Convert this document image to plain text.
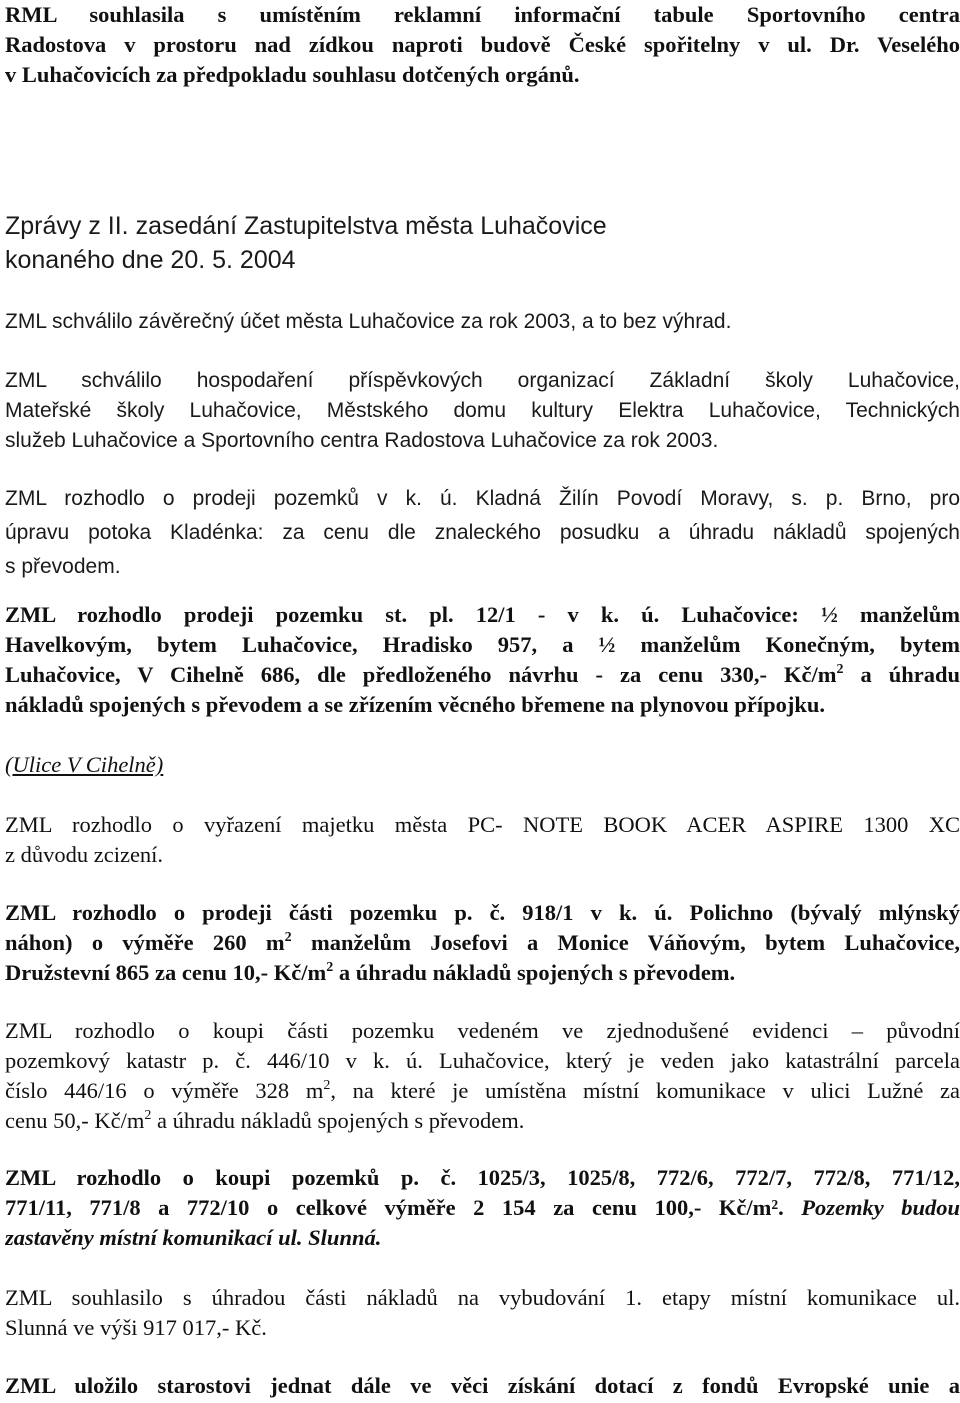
RML souhlasila s umístěním reklamní informační tabule Sportovního centra
Radostova v prostoru nad zídkou naproti budově České spořitelny v ul. Dr. Veselého
v Luhačovicích za předpokladu souhlasu dotčených orgánů.
Zprávy z II. zasedání Zastupitelstva města Luhačovice
konaného dne 20. 5. 2004
ZML schválilo závěrečný účet města Luhačovice za rok 2003, a to bez výhrad.
ZML schválilo hospodaření příspěvkových organizací Základní školy Luhačovice,
Mateřské školy Luhačovice, Městského domu kultury Elektra Luhačovice, Technických
služeb Luhačovice a Sportovního centra Radostova Luhačovice za rok 2003.
ZML rozhodlo o prodeji pozemků v k. ú. Kladná Žilín Povodí Moravy, s. p. Brno, pro
úpravu potoka Kladénka: za cenu dle znaleckého posudku a úhradu nákladů spojených
s převodem.
ZML rozhodlo prodeji pozemku st. pl. 12/1 - v k. ú. Luhačovice: ½ manželům
Havelkovým, bytem Luhačovice, Hradisko 957, a ½ manželům Konečným, bytem
Luhačovice, V Cihelně 686, dle předloženého návrhu - za cenu 330,- $Kč/m^2$ a úhradu
nákladů spojených s převodem a se zřízením věcného břemene na plynovou přípojku.
(Ulice V Cihelně)
ZML rozhodlo o vyřazení majetku města PC- NOTE BOOK ACER ASPIRE 1300 XC
z důvodu zcizení.
ZML rozhodlo o prodeji části pozemku p. č. 918/1 v k. ú. Polichno (bývalý mlýnský
náhon) o výměře 260 $m^2$ manželům Josefovi a Monice Váňovým, bytem Luhačovice,
Družstevní 865 za cenu 10,- $Kč/m^2$ a úhradu nákladů spojených s převodem.
ZML rozhodlo o koupi části pozemku vedeném ve zjednodušené evidenci – původní
pozemkový katastr p. č. 446/10 v k. ú. Luhačovice, který je veden jako katastrální parcela
číslo 446/16 o výměře 328 $m^2$, na které je umístěna místní komunikace v ulici Lužné za
cenu 50,- $Kč/m^2$ a úhradu nákladů spojených s převodem.
ZML rozhodlo o koupi pozemků p. č. 1025/3, 1025/8, 772/6, 772/7, 772/8, 771/12,
771/11, 771/8 a 772/10 o celkové výměře 2 154 za cenu 100,- Kč/m². Pozemky budou
zastavěny místní komunikací ul. Slunná.
ZML souhlasilo s úhradou části nákladů na vybudování 1. etapy místní komunikace ul.
Slunná ve výši 917 017,- Kč.
ZML uložilo starostovi jednat dále ve věci získání dotací z fondů Evropské unie a
